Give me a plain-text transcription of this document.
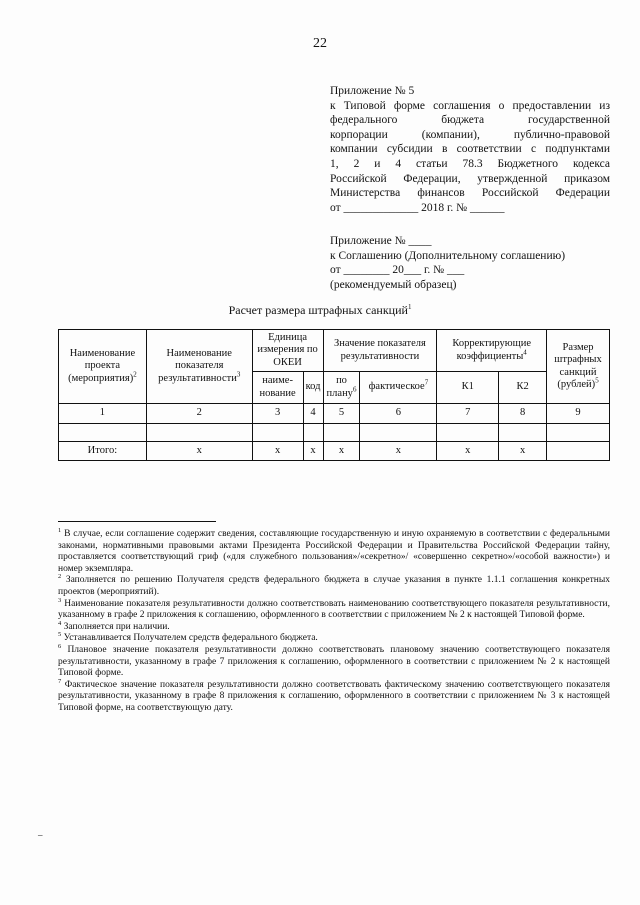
22
Приложение № 5
к Типовой форме соглашения о предоставлении из
федерального бюджета государственной
корпорации (компании), публично-правовой
компании субсидии в соответствии с подпунктами
1, 2 и 4 статьи 78.3 Бюджетного кодекса
Российской Федерации, утвержденной приказом
Министерства финансов Российской Федерации
от _____________ 2018 г. № ______
Приложение № ____
к Соглашению (Дополнительному соглашению)
от ________ 20___ г. № ___
(рекомендуемый образец)
Расчет размера штрафных санкций$^1$
Наименование проекта (мероприятия)$^2$	Наименование показателя результативности$^3$	Единица измерения по ОКЕИ		Значение показателя результативности		Корректирующие коэффициенты$^4$		Размер штрафных санкций (рублей)$^5$
		наиме-нование	код	по плану$^6$	фактическое$^7$	К1	К2	
1	2	3	4	5	6	7	8	9

Итого:	x	x	x	x	x	x	x	

$^1$ В случае, если соглашение содержит сведения, составляющие государственную и иную охраняемую в соответствии с федеральными законами, нормативными правовыми актами Президента Российской Федерации и Правительства Российской Федерации тайну, проставляется соответствующий гриф («для служебного пользования»/«секретно»/ «совершенно секретно»/«особой важности») и номер экземпляра.

$^2$ Заполняется по решению Получателя средств федерального бюджета в случае указания в пункте 1.1.1 соглашения конкретных проектов (мероприятий).

$^3$ Наименование показателя результативности должно соответствовать наименованию соответствующего показателя результативности, указанному в графе 2 приложения к соглашению, оформленного в соответствии с приложением № 2 к настоящей Типовой форме.

$^4$ Заполняется при наличии.

$^5$ Устанавливается Получателем средств федерального бюджета.

$^6$ Плановое значение показателя результативности должно соответствовать плановому значению соответствующего показателя результативности, указанному в графе 7 приложения к соглашению, оформленного в соответствии с приложением № 2 к настоящей Типовой форме.

$^7$ Фактическое значение показателя результативности должно соответствовать фактическому значению соответствующего показателя результативности, указанному в графе 8 приложения к соглашению, оформленного в соответствии с приложением № 3 к настоящей Типовой форме, на соответствующую дату.

–
